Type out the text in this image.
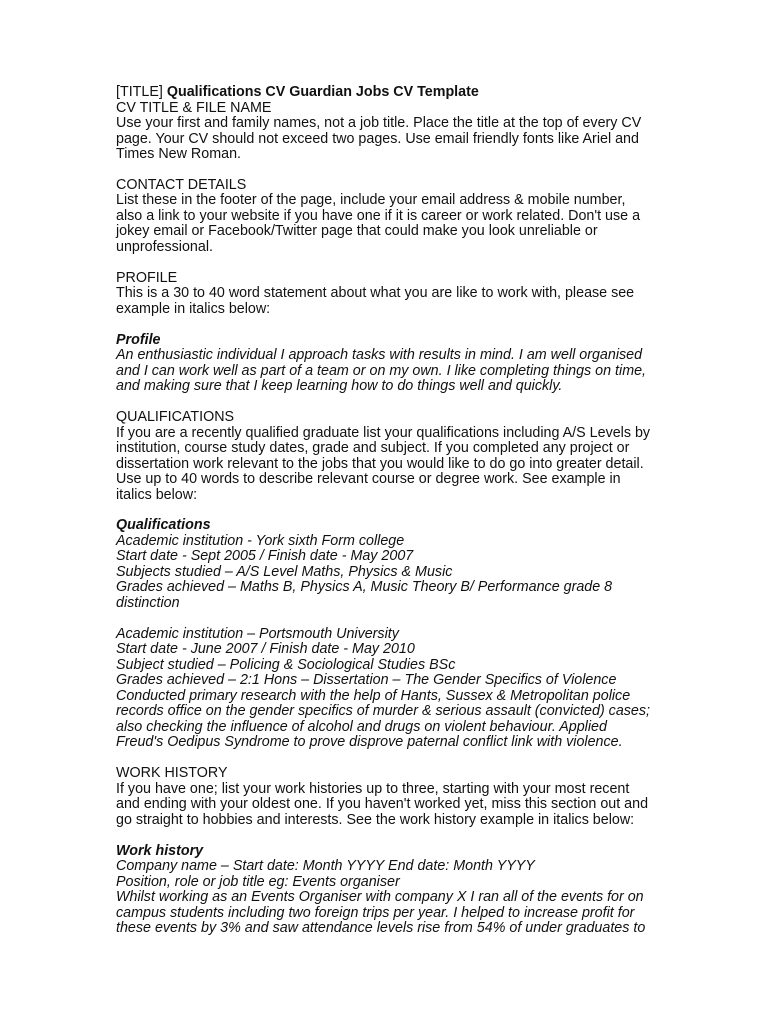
[TITLE] Qualifications CV Guardian Jobs CV Template
CV TITLE & FILE NAME
Use your first and family names, not a job title. Place the title at the top of every CV
page. Your CV should not exceed two pages. Use email friendly fonts like Ariel and
Times New Roman.
CONTACT DETAILS
List these in the footer of the page, include your email address & mobile number,
also a link to your website if you have one if it is career or work related. Don't use a
jokey email or Facebook/Twitter page that could make you look unreliable or
unprofessional.
PROFILE
This is a 30 to 40 word statement about what you are like to work with, please see
example in italics below:
Profile
An enthusiastic individual I approach tasks with results in mind. I am well organised
and I can work well as part of a team or on my own. I like completing things on time,
and making sure that I keep learning how to do things well and quickly.
QUALIFICATIONS
If you are a recently qualified graduate list your qualifications including A/S Levels by
institution, course study dates, grade and subject. If you completed any project or
dissertation work relevant to the jobs that you would like to do go into greater detail.
Use up to 40 words to describe relevant course or degree work. See example in
italics below:
Qualifications
Academic institution - York sixth Form college
Start date - Sept 2005 / Finish date - May 2007
Subjects studied – A/S Level Maths, Physics & Music
Grades achieved – Maths B, Physics A, Music Theory B/ Performance grade 8
distinction
Academic institution – Portsmouth University
Start date - June 2007 / Finish date - May 2010
Subject studied – Policing & Sociological Studies BSc
Grades achieved – 2:1 Hons – Dissertation – The Gender Specifics of Violence
Conducted primary research with the help of Hants, Sussex & Metropolitan police
records office on the gender specifics of murder & serious assault (convicted) cases;
also checking the influence of alcohol and drugs on violent behaviour. Applied
Freud's Oedipus Syndrome to prove disprove paternal conflict link with violence.
WORK HISTORY
If you have one; list your work histories up to three, starting with your most recent
and ending with your oldest one. If you haven't worked yet, miss this section out and
go straight to hobbies and interests. See the work history example in italics below:
Work history
Company name – Start date: Month YYYY End date: Month YYYY
Position, role or job title eg: Events organiser
Whilst working as an Events Organiser with company X I ran all of the events for on
campus students including two foreign trips per year. I helped to increase profit for
these events by 3% and saw attendance levels rise from 54% of under graduates to
